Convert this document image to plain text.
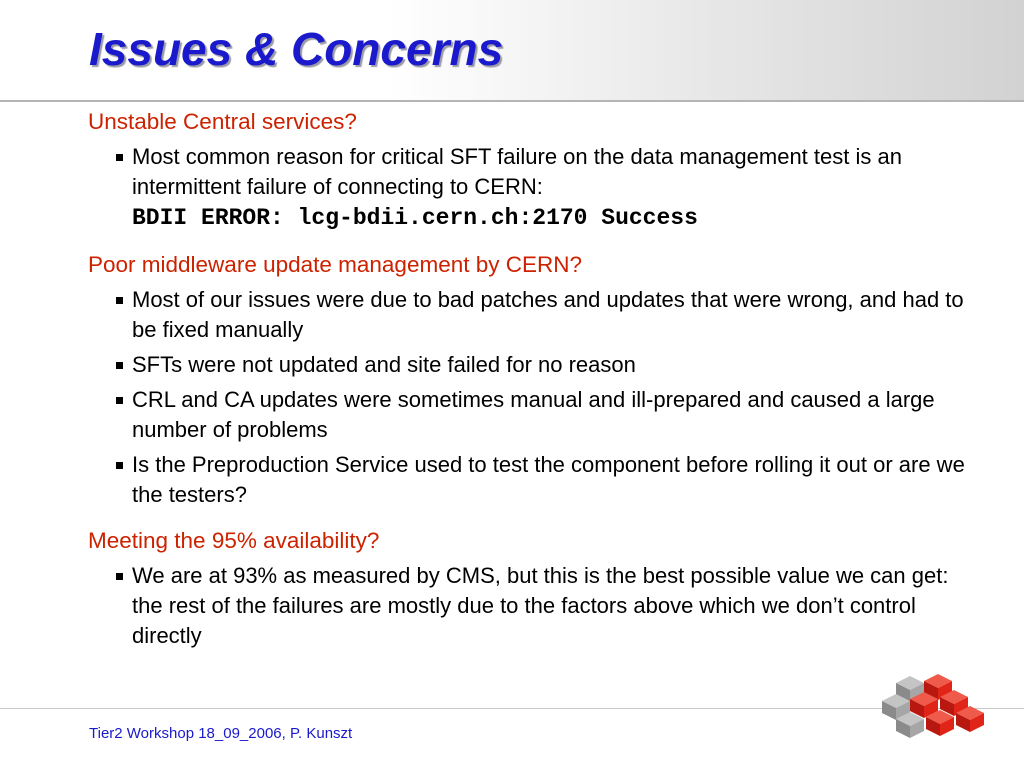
Issues & Concerns

Unstable Central services?

Most common reason for critical SFT failure on the data management test is an intermittent failure of connecting to CERN:
BDII ERROR: lcg-bdii.cern.ch:2170 Success

Poor middleware update management by CERN?

Most of our issues were due to bad patches and updates that were wrong, and had to be fixed manually
SFTs were not updated and site failed for no reason
CRL and CA updates were sometimes manual and ill-prepared and caused a large number of problems
Is the Preproduction Service used to test the component before rolling it out or are we the testers?

Meeting the 95% availability?

We are at 93% as measured by CMS, but this is the best possible value we can get: the rest of the failures are mostly due to the factors above which we don’t control directly
Tier2 Workshop 18_09_2006, P. Kunszt
